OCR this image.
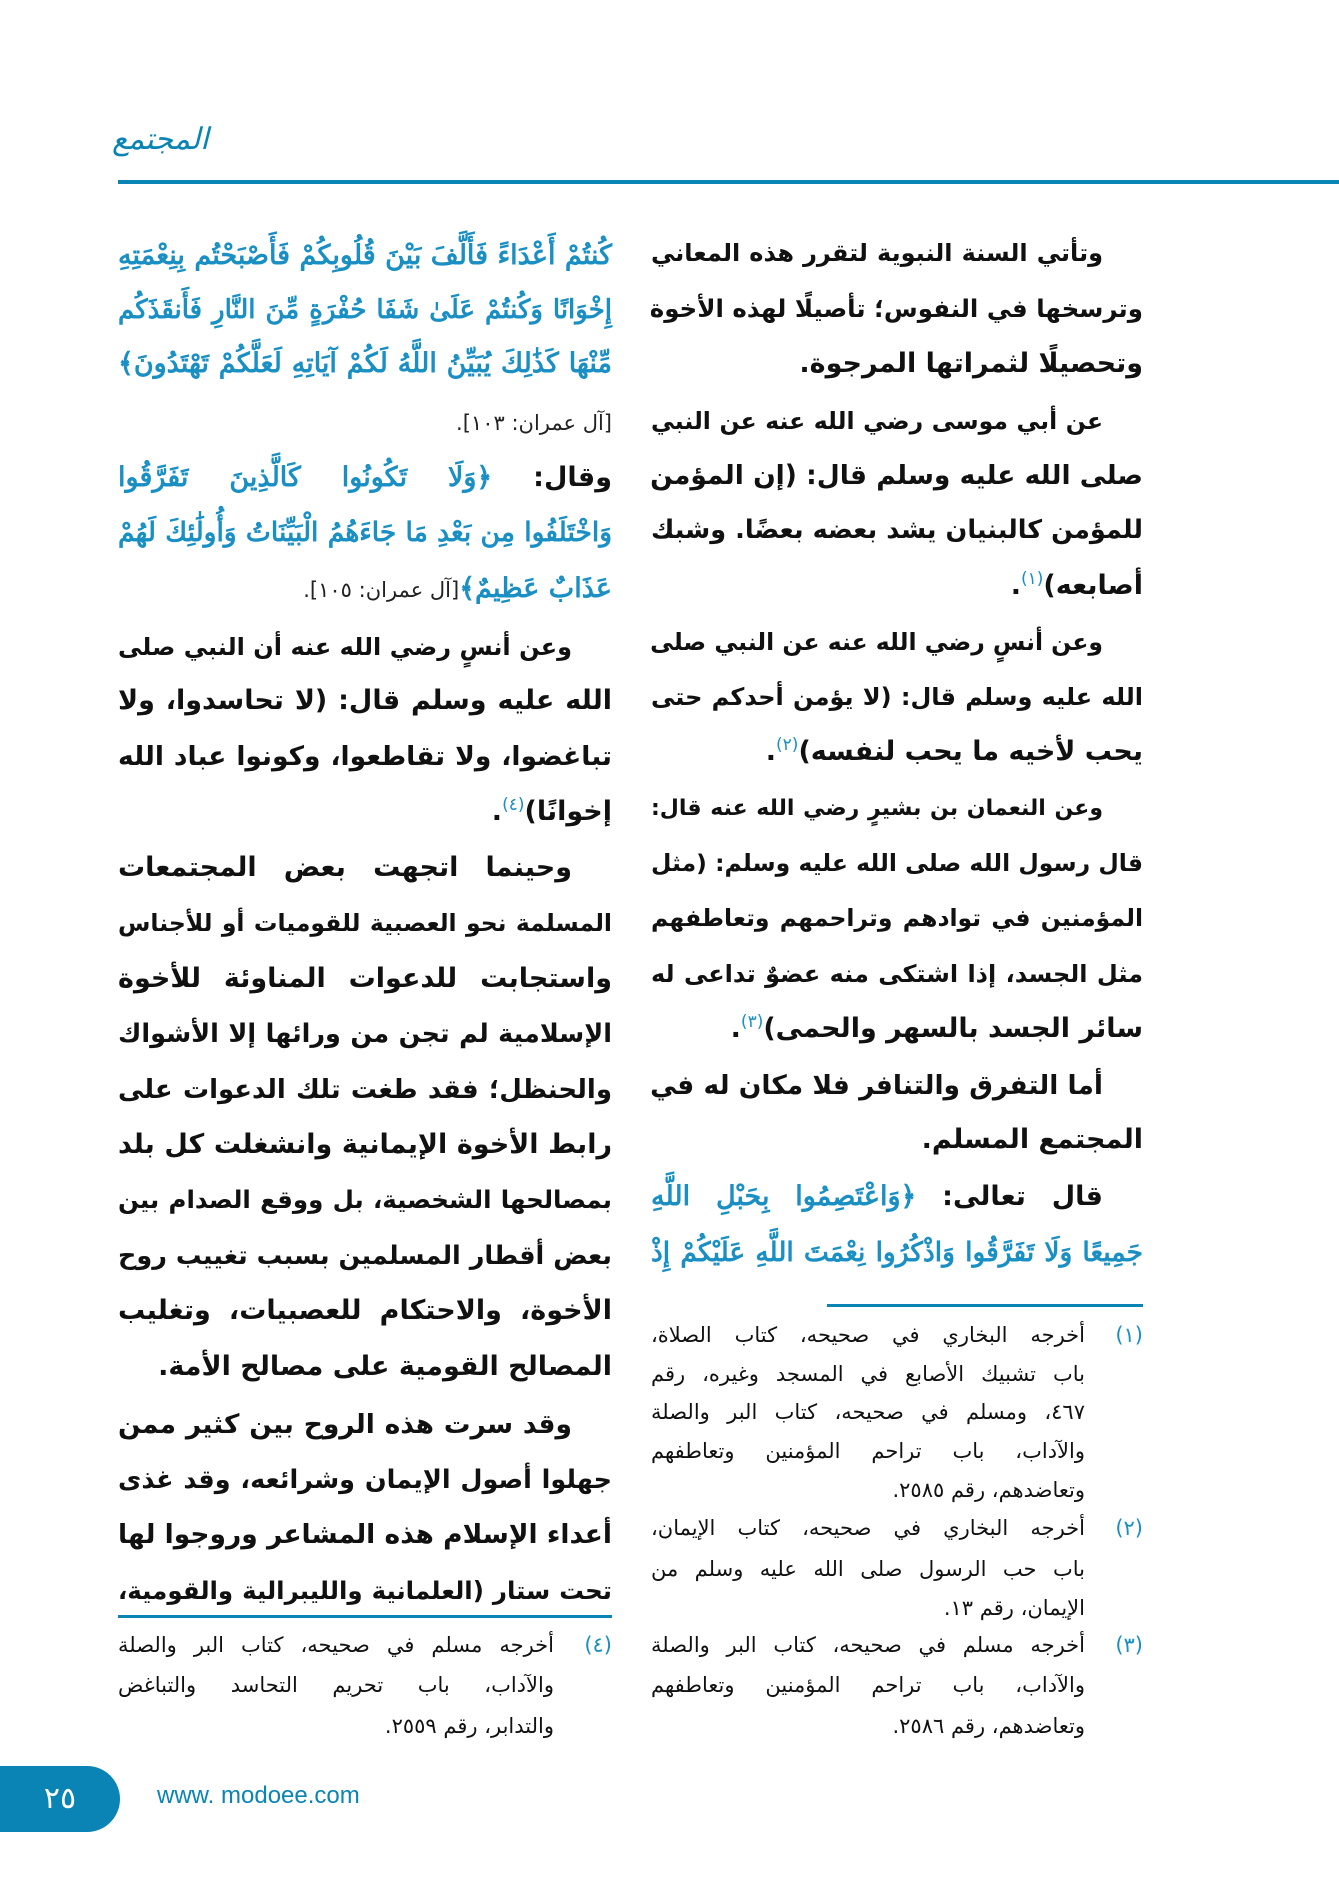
المجتمع
وتأتي السنة النبوية لتقرر هذه المعاني
وترسخها في النفوس؛ تأصيلًا لهذه الأخوة
وتحصيلًا لثمراتها المرجوة.
عن أبي موسى رضي الله عنه عن النبي
صلى الله عليه وسلم قال: (إن المؤمن
للمؤمن كالبنيان يشد بعضه بعضًا. وشبك
أصابعه)$^{(١)}$.
وعن أنسٍ رضي الله عنه عن النبي صلى
الله عليه وسلم قال: (لا يؤمن أحدكم حتى
يحب لأخيه ما يحب لنفسه)$^{(٢)}$.
وعن النعمان بن بشيرٍ رضي الله عنه قال:
قال رسول الله صلى الله عليه وسلم: (مثل
المؤمنين في توادهم وتراحمهم وتعاطفهم
مثل الجسد، إذا اشتكى منه عضوٌ تداعى له
سائر الجسد بالسهر والحمى)$^{(٣)}$.
أما التفرق والتنافر فلا مكان له في
المجتمع المسلم.
قال تعالى: ﴿وَاعْتَصِمُوا بِحَبْلِ اللَّهِ
جَمِيعًا وَلَا تَفَرَّقُوا وَاذْكُرُوا نِعْمَتَ اللَّهِ عَلَيْكُمْ إِذْ
(١)
أخرجه البخاري في صحيحه، كتاب الصلاة،
باب تشبيك الأصابع في المسجد وغيره، رقم
٤٦٧، ومسلم في صحيحه، كتاب البر والصلة
والآداب، باب تراحم المؤمنين وتعاطفهم
وتعاضدهم، رقم ٢٥٨٥.
(٢)
أخرجه البخاري في صحيحه، كتاب الإيمان،
باب حب الرسول صلى الله عليه وسلم من
الإيمان، رقم ١٣.
(٣)
أخرجه مسلم في صحيحه، كتاب البر والصلة
والآداب، باب تراحم المؤمنين وتعاطفهم
وتعاضدهم، رقم ٢٥٨٦.
كُنتُمْ أَعْدَاءً فَأَلَّفَ بَيْنَ قُلُوبِكُمْ فَأَصْبَحْتُم بِنِعْمَتِهِ
إِخْوَانًا وَكُنتُمْ عَلَىٰ شَفَا حُفْرَةٍ مِّنَ النَّارِ فَأَنقَذَكُم
مِّنْهَا كَذَٰلِكَ يُبَيِّنُ اللَّهُ لَكُمْ آيَاتِهِ لَعَلَّكُمْ تَهْتَدُونَ﴾
[آل عمران: ١٠٣].
وقال: ﴿وَلَا تَكُونُوا كَالَّذِينَ تَفَرَّقُوا
وَاخْتَلَفُوا مِن بَعْدِ مَا جَاءَهُمُ الْبَيِّنَاتُ وَأُولَٰئِكَ لَهُمْ
عَذَابٌ عَظِيمٌ﴾[آل عمران: ١٠٥].
وعن أنسٍ رضي الله عنه أن النبي صلى
الله عليه وسلم قال: (لا تحاسدوا، ولا
تباغضوا، ولا تقاطعوا، وكونوا عباد الله
إخوانًا)$^{(٤)}$.
وحينما اتجهت بعض المجتمعات
المسلمة نحو العصبية للقوميات أو للأجناس
واستجابت للدعوات المناوئة للأخوة
الإسلامية لم تجن من ورائها إلا الأشواك
والحنظل؛ فقد طغت تلك الدعوات على
رابط الأخوة الإيمانية وانشغلت كل بلد
بمصالحها الشخصية، بل ووقع الصدام بين
بعض أقطار المسلمين بسبب تغييب روح
الأخوة، والاحتكام للعصبيات، وتغليب
المصالح القومية على مصالح الأمة.
وقد سرت هذه الروح بين كثير ممن
جهلوا أصول الإيمان وشرائعه، وقد غذى
أعداء الإسلام هذه المشاعر وروجوا لها
تحت ستار (العلمانية والليبرالية والقومية،
(٤)
أخرجه مسلم في صحيحه، كتاب البر والصلة
والآداب، باب تحريم التحاسد والتباغض
والتدابر، رقم ٢٥٥٩.
٢٥	www. modoee.com
